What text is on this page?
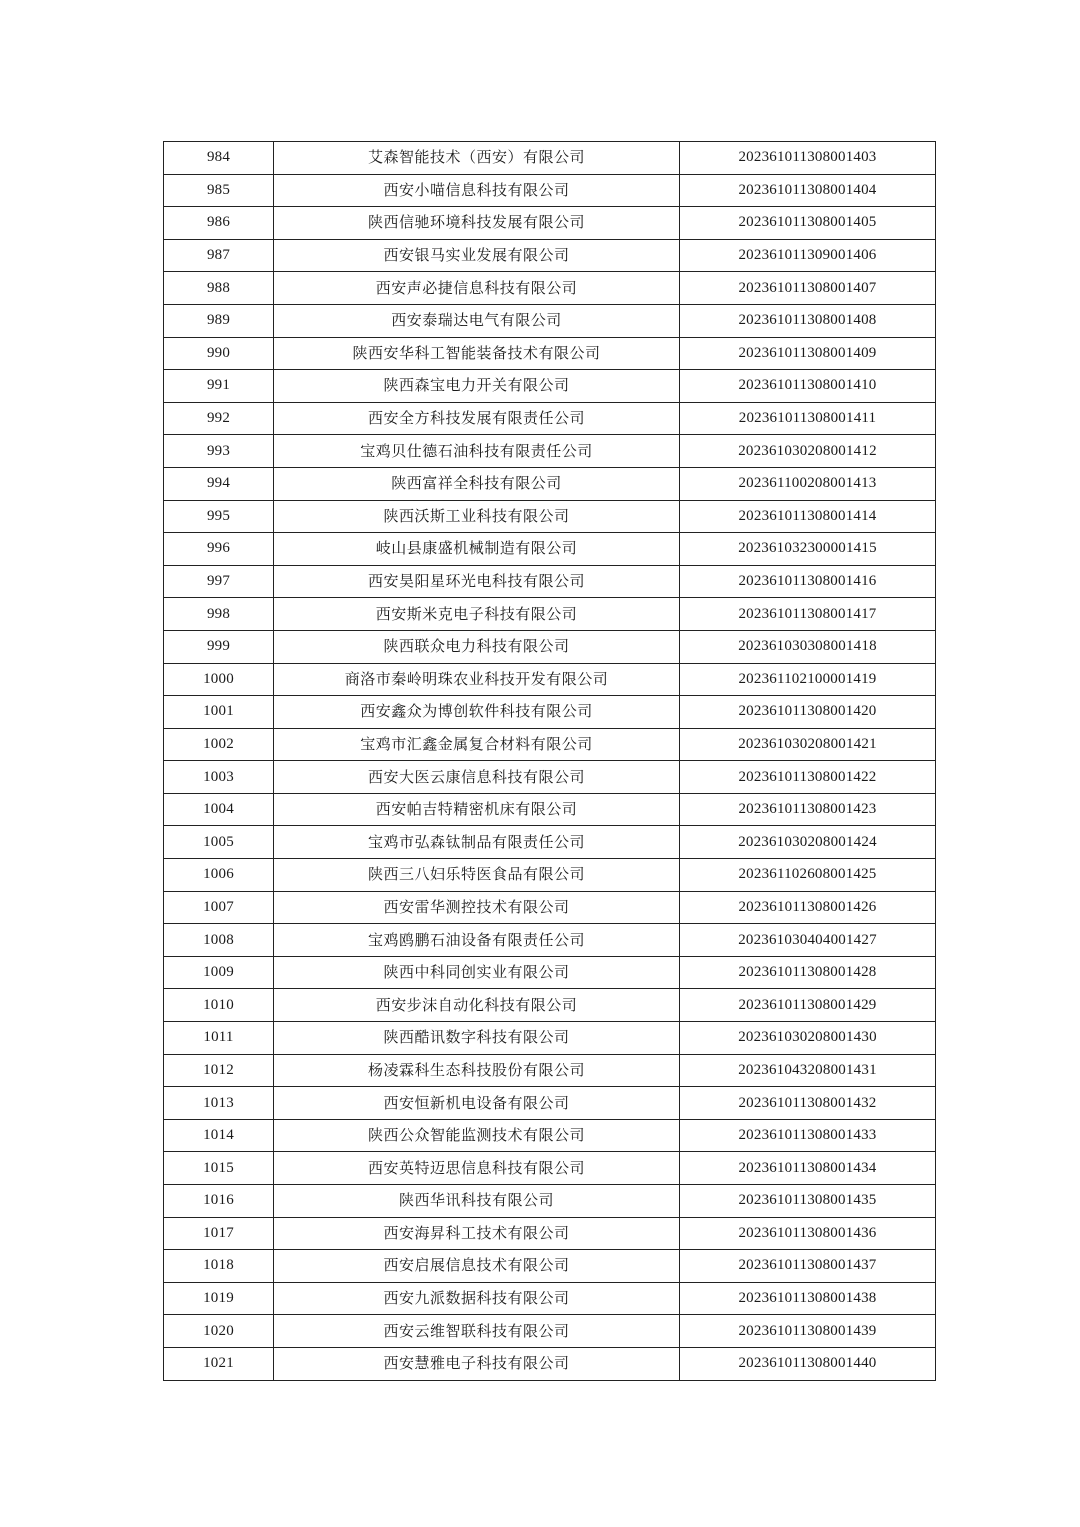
984	艾森智能技术（西安）有限公司	202361011308001403
985	西安小喵信息科技有限公司	202361011308001404
986	陕西信驰环境科技发展有限公司	202361011308001405
987	西安银马实业发展有限公司	202361011309001406
988	西安声必捷信息科技有限公司	202361011308001407
989	西安泰瑞达电气有限公司	202361011308001408
990	陕西安华科工智能装备技术有限公司	202361011308001409
991	陕西森宝电力开关有限公司	202361011308001410
992	西安全方科技发展有限责任公司	202361011308001411
993	宝鸡贝仕德石油科技有限责任公司	202361030208001412
994	陕西富祥全科技有限公司	202361100208001413
995	陕西沃斯工业科技有限公司	202361011308001414
996	岐山县康盛机械制造有限公司	202361032300001415
997	西安昊阳星环光电科技有限公司	202361011308001416
998	西安斯米克电子科技有限公司	202361011308001417
999	陕西联众电力科技有限公司	202361030308001418
1000	商洛市秦岭明珠农业科技开发有限公司	202361102100001419
1001	西安鑫众为博创软件科技有限公司	202361011308001420
1002	宝鸡市汇鑫金属复合材料有限公司	202361030208001421
1003	西安大医云康信息科技有限公司	202361011308001422
1004	西安帕吉特精密机床有限公司	202361011308001423
1005	宝鸡市弘森钛制品有限责任公司	202361030208001424
1006	陕西三八妇乐特医食品有限公司	202361102608001425
1007	西安雷华测控技术有限公司	202361011308001426
1008	宝鸡鸥鹏石油设备有限责任公司	202361030404001427
1009	陕西中科同创实业有限公司	202361011308001428
1010	西安步沫自动化科技有限公司	202361011308001429
1011	陕西酷讯数字科技有限公司	202361030208001430
1012	杨凌霖科生态科技股份有限公司	202361043208001431
1013	西安恒新机电设备有限公司	202361011308001432
1014	陕西公众智能监测技术有限公司	202361011308001433
1015	西安英特迈思信息科技有限公司	202361011308001434
1016	陕西华讯科技有限公司	202361011308001435
1017	西安海昇科工技术有限公司	202361011308001436
1018	西安启展信息技术有限公司	202361011308001437
1019	西安九派数据科技有限公司	202361011308001438
1020	西安云维智联科技有限公司	202361011308001439
1021	西安慧雅电子科技有限公司	202361011308001440
